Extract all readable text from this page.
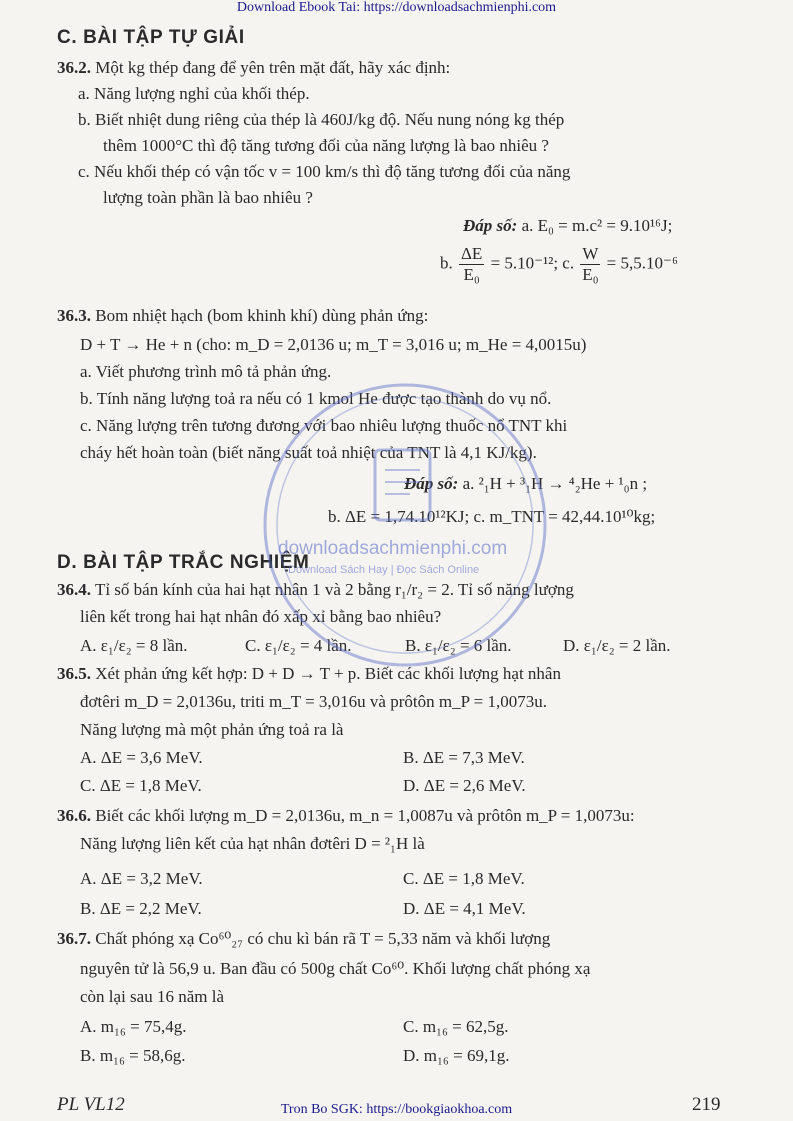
Download Ebook Tai: https://downloadsachmienphi.com
C. BÀI TẬP TỰ GIẢI
36.2. Một kg thép đang để yên trên mặt đất, hãy xác định:
a. Năng lượng nghỉ của khối thép.
b. Biết nhiệt dung riêng của thép là 460J/kg độ. Nếu nung nóng kg thép
thêm 1000°C thì độ tăng tương đối của năng lượng là bao nhiêu ?
c. Nếu khối thép có vận tốc v = 100 km/s thì độ tăng tương đối của năng
lượng toàn phần là bao nhiêu ?
Đáp số: a. E₀ = m.c² = 9.10¹⁶J;
b. $\frac{\Delta E}{\text{E₀}} = 5.10^{-12}$; c. $\frac{W}{\text{E₀}} = 5,5.10^{-6}$
36.3. Bom nhiệt hạch (bom khinh khí) dùng phản ứng:
D + T → He + n (cho: m_D = 2,0136 u; m_T = 3,016 u; m_He = 4,0015u)
a. Viết phương trình mô tả phản ứng.
b. Tính năng lượng toả ra nếu có 1 kmol He được tạo thành do vụ nổ.
c. Năng lượng trên tương đương với bao nhiêu lượng thuốc nổ TNT khi
cháy hết hoàn toàn (biết năng suất toả nhiệt của TNT là 4,1 KJ/kg).
Đáp số: a. ²₁H + ³₁H → ⁴₂He + ¹₀n ;
b. ΔE = 1,74.10¹²KJ; c. m_TNT = 42,44.10¹⁰kg;
D. BÀI TẬP TRẮC NGHIỆM
36.4. Tỉ số bán kính của hai hạt nhân 1 và 2 bằng r₁/r₂ = 2. Tỉ số năng lượng
liên kết trong hai hạt nhân đó xấp xỉ bằng bao nhiêu?
A. ε₁/ε₂ = 8 lần.	C. ε₁/ε₂ = 4 lần.	B. ε₁/ε₂ = 6 lần.	D. ε₁/ε₂ = 2 lần.
36.5. Xét phản ứng kết hợp: D + D → T + p. Biết các khối lượng hạt nhân
đơtêri m_D = 2,0136u, triti m_T = 3,016u và prôtôn m_P = 1,0073u.
Năng lượng mà một phản ứng toả ra là
A. ΔE = 3,6 MeV.	B. ΔE = 7,3 MeV.
C. ΔE = 1,8 MeV.	D. ΔE = 2,6 MeV.
36.6. Biết các khối lượng m_D = 2,0136u, m_n = 1,0087u và prôtôn m_P = 1,0073u:
Năng lượng liên kết của hạt nhân đơtêri D = ²₁H là
A. ΔE = 3,2 MeV.	C. ΔE = 1,8 MeV.
B. ΔE = 2,2 MeV.	D. ΔE = 4,1 MeV.
36.7. Chất phóng xạ Co⁶⁰₂₇ có chu kì bán rã T = 5,33 năm và khối lượng
nguyên tử là 56,9 u. Ban đầu có 500g chất Co⁶⁰. Khối lượng chất phóng xạ
còn lại sau 16 năm là
A. m₁₆ = 75,4g.	C. m₁₆ = 62,5g.
B. m₁₆ = 58,6g.	D. m₁₆ = 69,1g.
PL VL12	219
Tron Bo SGK: https://bookgiaokhoa.com
downloadsachmienphi.com
Download Sách Hay | Đọc Sách Online
